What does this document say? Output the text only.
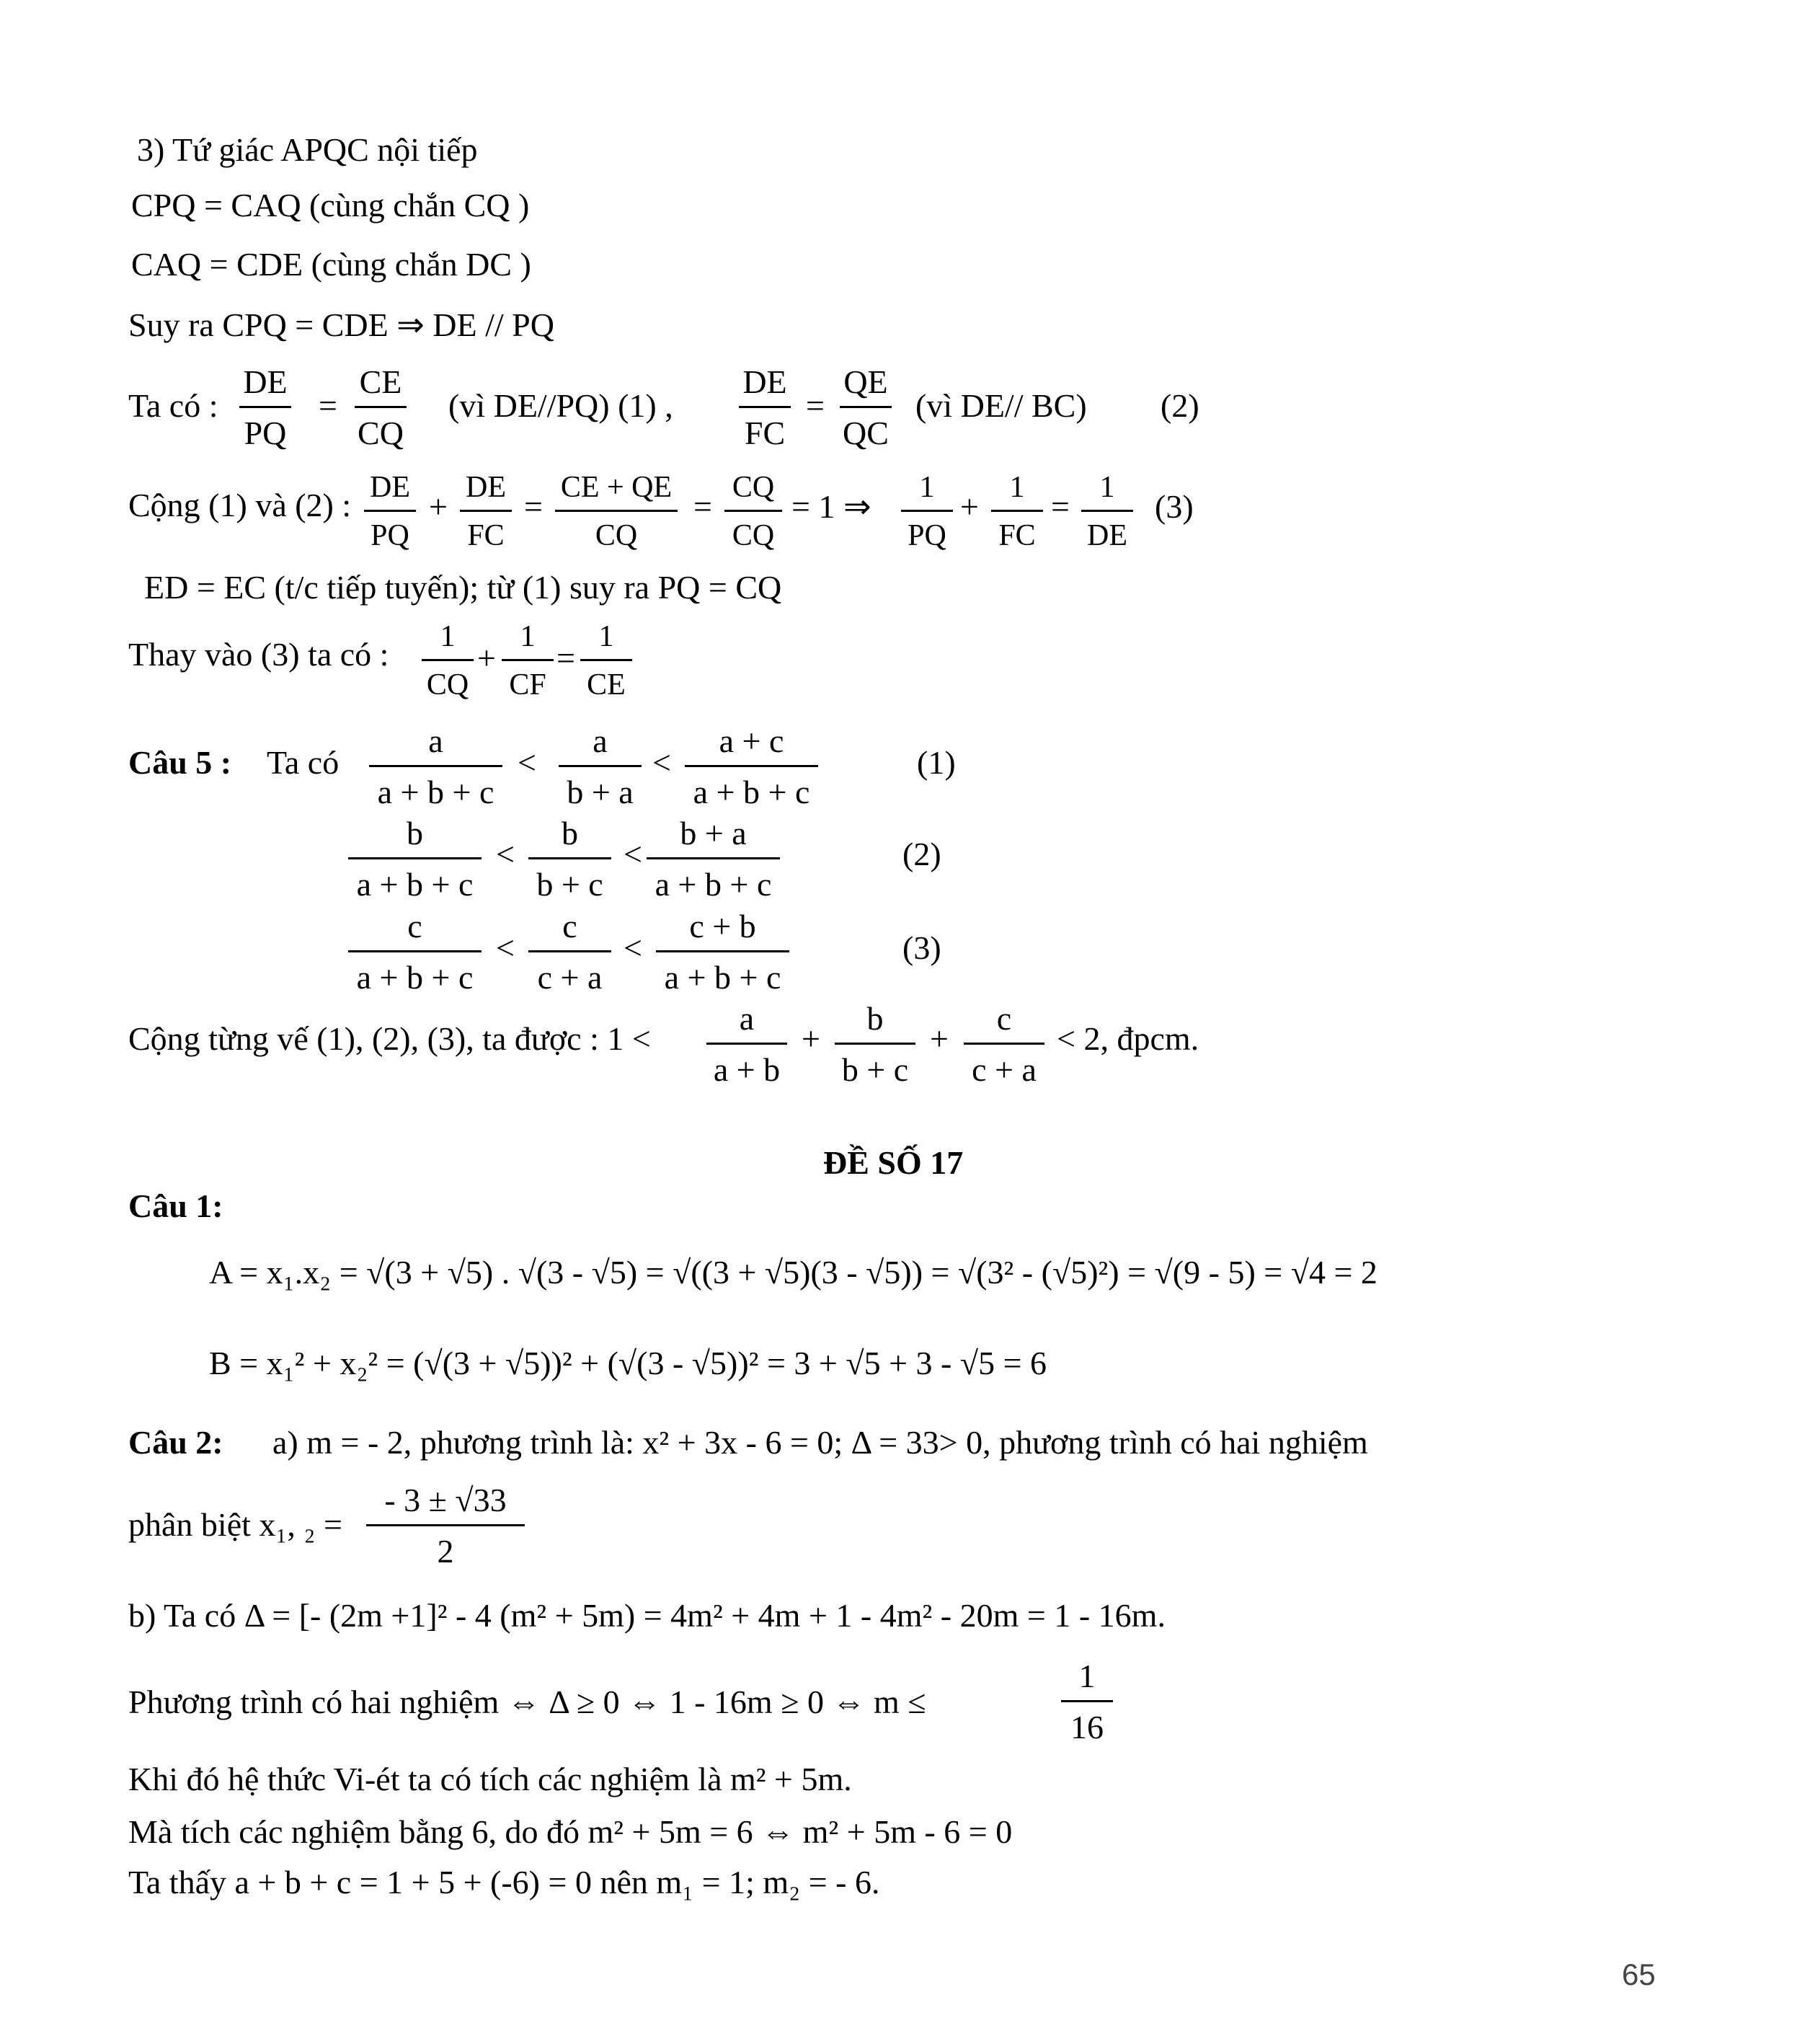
3) Tứ giác APQC nội tiếp
CPQ = CAQ (cùng chắn CQ )
CAQ = CDE (cùng chắn DC )
Suy ra CPQ = CDE ⇒ DE // PQ
Ta có :
DE
PQ
=
CE
CQ
(vì DE//PQ) (1) ,
DE
FC
=
QE
QC
(vì DE// BC) (2)
Cộng (1) và (2) : DE
PQ
+
DE
FC
=
CE + QE
CQ
=
CQ
CQ
= 1 ⇒
1
PQ
+
1
FC
=
1
DE
(3)
ED = EC (t/c tiếp tuyến); từ (1) suy ra PQ = CQ
Thay vào (3) ta có :	1
CQ
+
1
CF
=
1
CE
Câu 5 : Ta có
a
a + b + c
<
a
b + a
<
a + c
a + b + c
(1)
b
a + b + c
<
b
b + c
<
b + a
a + b + c
(2)
c
a + b + c
<
c
c + a
<
c + b
a + b + c
(3)
Cộng từng vế (1), (2), (3), ta được : 1 <
a
a + b
+
b
b + c
+
c
c + a
< 2, đpcm.
ĐỀ SỐ 17
Câu 1:
A = x₁.x₂ = √(3 + √5) . √(3 - √5) = √((3 + √5)(3 - √5)) = √(3² - (√5)²) = √(9 - 5) = √4 = 2
B = x₁² + x₂² = (√(3 + √5))² + (√(3 - √5))² = 3 + √5 + 3 - √5 = 6
Câu 2: a) m = - 2, phương trình là: x² + 3x - 6 = 0; Δ = 33> 0, phương trình có hai nghiệm
phân biệt x₁, ₂ =
- 3 ± √33
2
b) Ta có Δ = [- (2m +1]² - 4 (m² + 5m) = 4m² + 4m + 1 - 4m² - 20m = 1 - 16m.
Phương trình có hai nghiệm ⇔ Δ ≥ 0 ⇔ 1 - 16m ≥ 0 ⇔ m ≤
1
16
Khi đó hệ thức Vi-ét ta có tích các nghiệm là m² + 5m.
Mà tích các nghiệm bằng 6, do đó m² + 5m = 6 ⇔ m² + 5m - 6 = 0
Ta thấy a + b + c = 1 + 5 + (-6) = 0 nên m₁ = 1; m₂ = - 6.
65
